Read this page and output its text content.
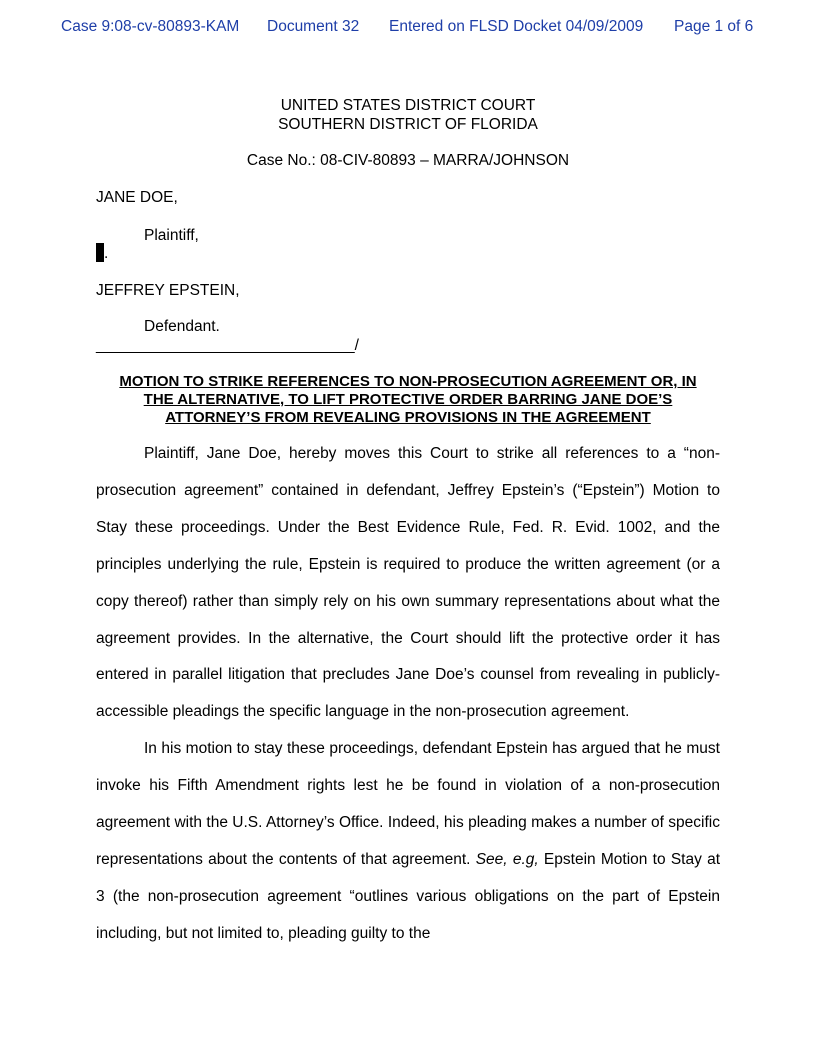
Case 9:08-cv-80893-KAM Document 32 Entered on FLSD Docket 04/09/2009 Page 1 of 6
UNITED STATES DISTRICT COURT
SOUTHERN DISTRICT OF FLORIDA
Case No.: 08-CIV-80893 – MARRA/JOHNSON
JANE DOE,
Plaintiff,
.
JEFFREY EPSTEIN,
Defendant.
______________________________/
MOTION TO STRIKE REFERENCES TO NON-PROSECUTION AGREEMENT OR, IN
THE ALTERNATIVE, TO LIFT PROTECTIVE ORDER BARRING JANE DOE’S
ATTORNEY’S FROM REVEALING PROVISIONS IN THE AGREEMENT

Plaintiff, Jane Doe, hereby moves this Court to strike all references to a “non-prosecution agreement” contained in defendant, Jeffrey Epstein’s (“Epstein”) Motion to Stay these proceedings. Under the Best Evidence Rule, Fed. R. Evid. 1002, and the principles underlying the rule, Epstein is required to produce the written agreement (or a copy thereof) rather than simply rely on his own summary representations about what the agreement provides. In the alternative, the Court should lift the protective order it has entered in parallel litigation that precludes Jane Doe’s counsel from revealing in publicly-accessible pleadings the specific language in the non-prosecution agreement.

In his motion to stay these proceedings, defendant Epstein has argued that he must invoke his Fifth Amendment rights lest he be found in violation of a non-prosecution agreement with the U.S. Attorney’s Office. Indeed, his pleading makes a number of specific representations about the contents of that agreement. See, e.g, Epstein Motion to Stay at 3 (the non-prosecution agreement “outlines various obligations on the part of Epstein including, but not limited to, pleading guilty to the
